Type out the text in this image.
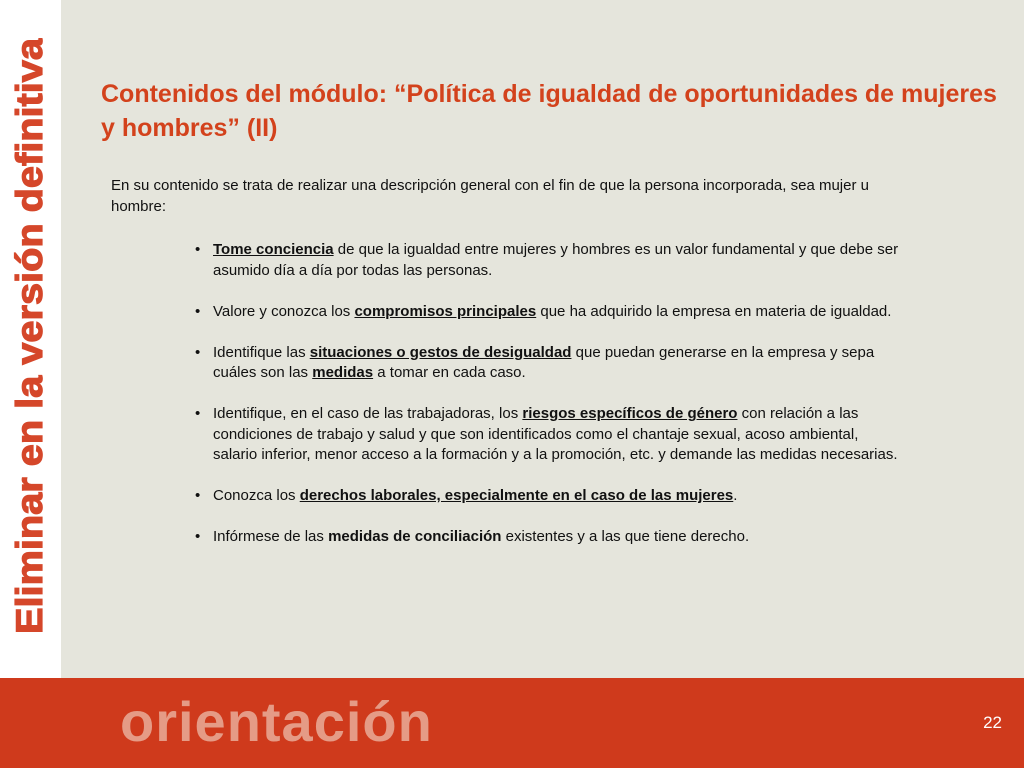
Eliminar en la versión definitiva Contenidos del módulo: “Política de igualdad de oportunidades de mujeres y hombres” (II)

En su contenido se trata de realizar una descripción general con el fin de que la persona incorporada, sea mujer u hombre:

• Tome conciencia de que la igualdad entre mujeres y hombres es un valor fundamental y que debe ser asumido día a día por todas las personas.
• Valore y conozca los compromisos principales que ha adquirido la empresa en materia de igualdad.
• Identifique las situaciones o gestos de desigualdad que puedan generarse en la empresa y sepa cuáles son las medidas a tomar en cada caso.
• Identifique, en el caso de las trabajadoras, los riesgos específicos de género con relación a las condiciones de trabajo y salud y que son identificados como el chantaje sexual, acoso ambiental, salario inferior, menor acceso a la formación y a la promoción, etc. y demande las medidas necesarias.
• Conozca los derechos laborales, especialmente en el caso de las mujeres.
• Infórmese de las medidas de conciliación existentes y a las que tiene derecho.
orientación	22
